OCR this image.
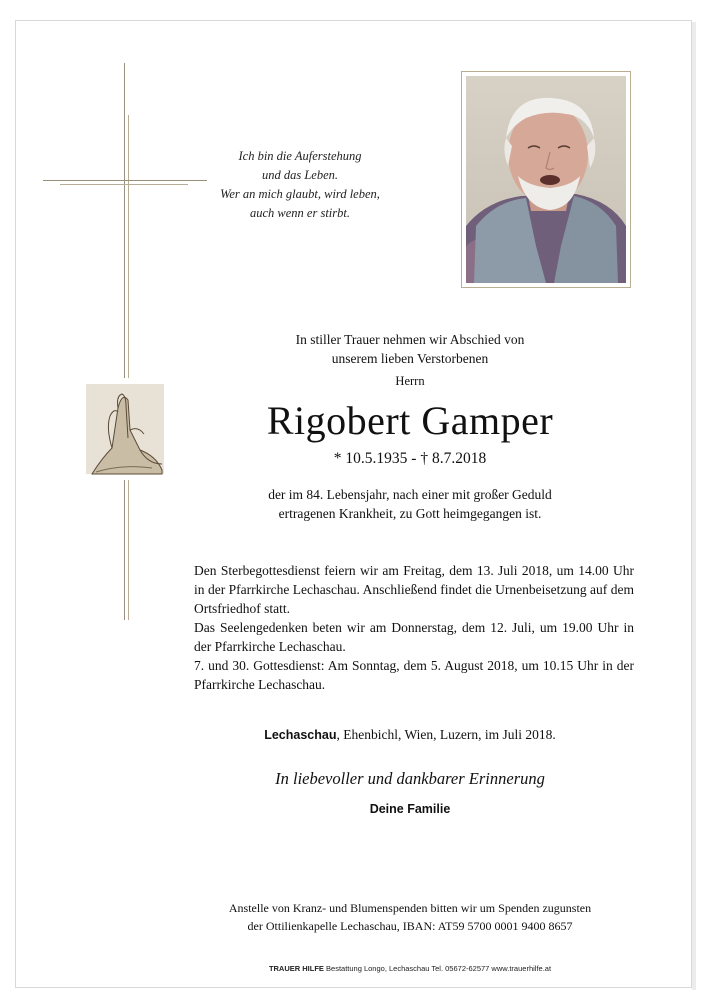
Ich bin die Auferstehung
und das Leben.
Wer an mich glaubt, wird leben,
auch wenn er stirbt.
In stiller Trauer nehmen wir Abschied von
unserem lieben Verstorbenen
Herrn
Rigobert Gamper
* 10.5.1935 - † 8.7.2018
der im 84. Lebensjahr, nach einer mit großer Geduld
ertragenen Krankheit, zu Gott heimgegangen ist.
Den Sterbegottesdienst feiern wir am Freitag, dem 13. Juli 2018, um 14.00 Uhr in der Pfarrkirche Lechaschau. Anschließend findet die Urnenbeisetzung auf dem Ortsfriedhof statt.
Das Seelengedenken beten wir am Donnerstag, dem 12. Juli, um 19.00 Uhr in der Pfarrkirche Lechaschau.
7. und 30. Gottesdienst: Am Sonntag, dem 5. August 2018, um 10.15 Uhr in der Pfarrkirche Lechaschau.
Lechaschau, Ehenbichl, Wien, Luzern, im Juli 2018.
In liebevoller und dankbarer Erinnerung
Deine Familie
Anstelle von Kranz- und Blumenspenden bitten wir um Spenden zugunsten
der Ottilienkapelle Lechaschau, IBAN: AT59 5700 0001 9400 8657
TRAUER HILFE Bestattung Longo, Lechaschau Tel. 05672-62577 www.trauerhilfe.at
